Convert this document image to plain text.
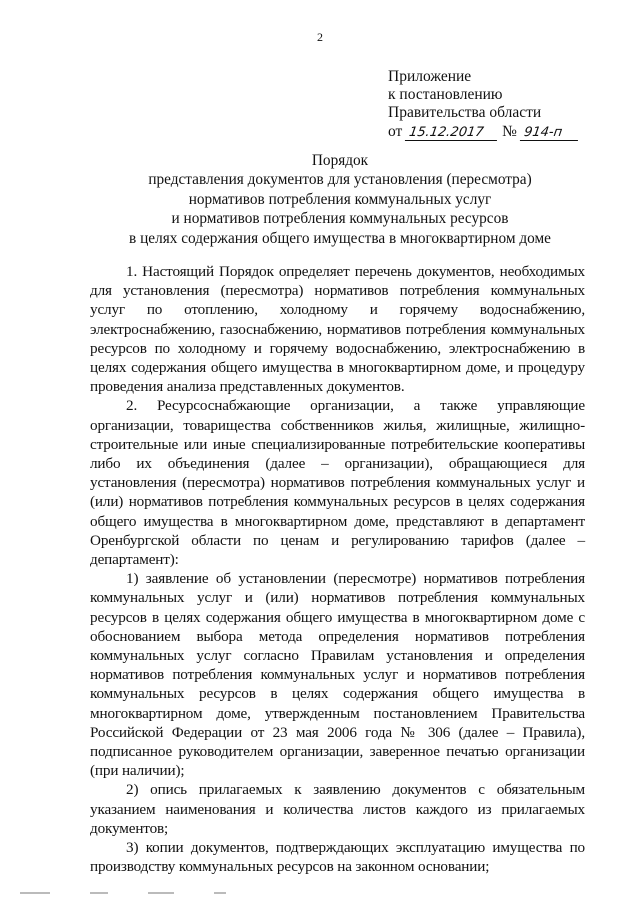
2
Приложение
к постановлению
Правительства области
от 15.12.2017 № 914-п
Порядок
представления документов для установления (пересмотра)
нормативов потребления коммунальных услуг
и нормативов потребления коммунальных ресурсов
в целях содержания общего имущества в многоквартирном доме

1. Настоящий Порядок определяет перечень документов, необходимых для установления (пересмотра) нормативов потребления коммунальных услуг по отоплению, холодному и горячему водоснабжению, электроснабжению, газоснабжению, нормативов потребления коммунальных ресурсов по холодному и горячему водоснабжению, электроснабжению в целях содержания общего имущества в многоквартирном доме, и процедуру проведения анализа представленных документов.

2. Ресурсоснабжающие организации, а также управляющие организации, товарищества собственников жилья, жилищные, жилищно-строительные или иные специализированные потребительские кооперативы либо их объединения (далее – организации), обращающиеся для установления (пересмотра) нормативов потребления коммунальных услуг и (или) нормативов потребления коммунальных ресурсов в целях содержания общего имущества в многоквартирном доме, представляют в департамент Оренбургской области по ценам и регулированию тарифов (далее – департамент):

1) заявление об установлении (пересмотре) нормативов потребления коммунальных услуг и (или) нормативов потребления коммунальных ресурсов в целях содержания общего имущества в многоквартирном доме с обоснованием выбора метода определения нормативов потребления коммунальных услуг согласно Правилам установления и определения нормативов потребления коммунальных услуг и нормативов потребления коммунальных ресурсов в целях содержания общего имущества в многоквартирном доме, утвержденным постановлением Правительства Российской Федерации от 23 мая 2006 года № 306 (далее – Правила), подписанное руководителем организации, заверенное печатью организации (при наличии);

2) опись прилагаемых к заявлению документов с обязательным указанием наименования и количества листов каждого из прилагаемых документов;

3) копии документов, подтверждающих эксплуатацию имущества по производству коммунальных ресурсов на законном основании;
